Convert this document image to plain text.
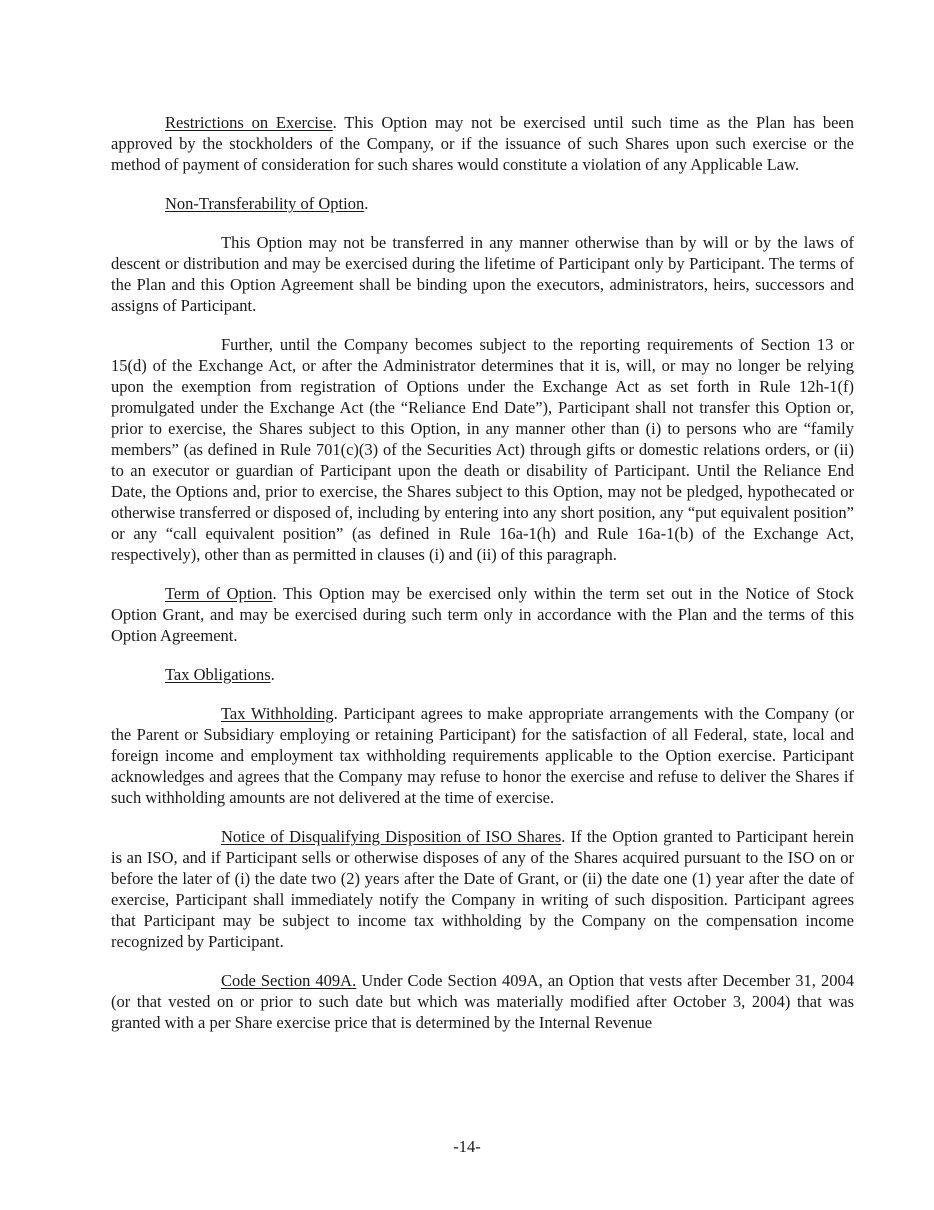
Restrictions on Exercise. This Option may not be exercised until such time as the Plan has been approved by the stockholders of the Company, or if the issuance of such Shares upon such exercise or the method of payment of consideration for such shares would constitute a violation of any Applicable Law.

Non-Transferability of Option.

This Option may not be transferred in any manner otherwise than by will or by the laws of descent or distribution and may be exercised during the lifetime of Participant only by Participant. The terms of the Plan and this Option Agreement shall be binding upon the executors, administrators, heirs, successors and assigns of Participant.

Further, until the Company becomes subject to the reporting requirements of Section 13 or 15(d) of the Exchange Act, or after the Administrator determines that it is, will, or may no longer be relying upon the exemption from registration of Options under the Exchange Act as set forth in Rule 12h-1(f) promulgated under the Exchange Act (the “Reliance End Date”), Participant shall not transfer this Option or, prior to exercise, the Shares subject to this Option, in any manner other than (i) to persons who are “family members” (as defined in Rule 701(c)(3) of the Securities Act) through gifts or domestic relations orders, or (ii) to an executor or guardian of Participant upon the death or disability of Participant. Until the Reliance End Date, the Options and, prior to exercise, the Shares subject to this Option, may not be pledged, hypothecated or otherwise transferred or disposed of, including by entering into any short position, any “put equivalent position” or any “call equivalent position” (as defined in Rule 16a-1(h) and Rule 16a-1(b) of the Exchange Act, respectively), other than as permitted in clauses (i) and (ii) of this paragraph.

Term of Option. This Option may be exercised only within the term set out in the Notice of Stock Option Grant, and may be exercised during such term only in accordance with the Plan and the terms of this Option Agreement.

Tax Obligations.

Tax Withholding. Participant agrees to make appropriate arrangements with the Company (or the Parent or Subsidiary employing or retaining Participant) for the satisfaction of all Federal, state, local and foreign income and employment tax withholding requirements applicable to the Option exercise. Participant acknowledges and agrees that the Company may refuse to honor the exercise and refuse to deliver the Shares if such withholding amounts are not delivered at the time of exercise.

Notice of Disqualifying Disposition of ISO Shares. If the Option granted to Participant herein is an ISO, and if Participant sells or otherwise disposes of any of the Shares acquired pursuant to the ISO on or before the later of (i) the date two (2) years after the Date of Grant, or (ii) the date one (1) year after the date of exercise, Participant shall immediately notify the Company in writing of such disposition. Participant agrees that Participant may be subject to income tax withholding by the Company on the compensation income recognized by Participant.

Code Section 409A. Under Code Section 409A, an Option that vests after December 31, 2004 (or that vested on or prior to such date but which was materially modified after October 3, 2004) that was granted with a per Share exercise price that is determined by the Internal Revenue

-14-
